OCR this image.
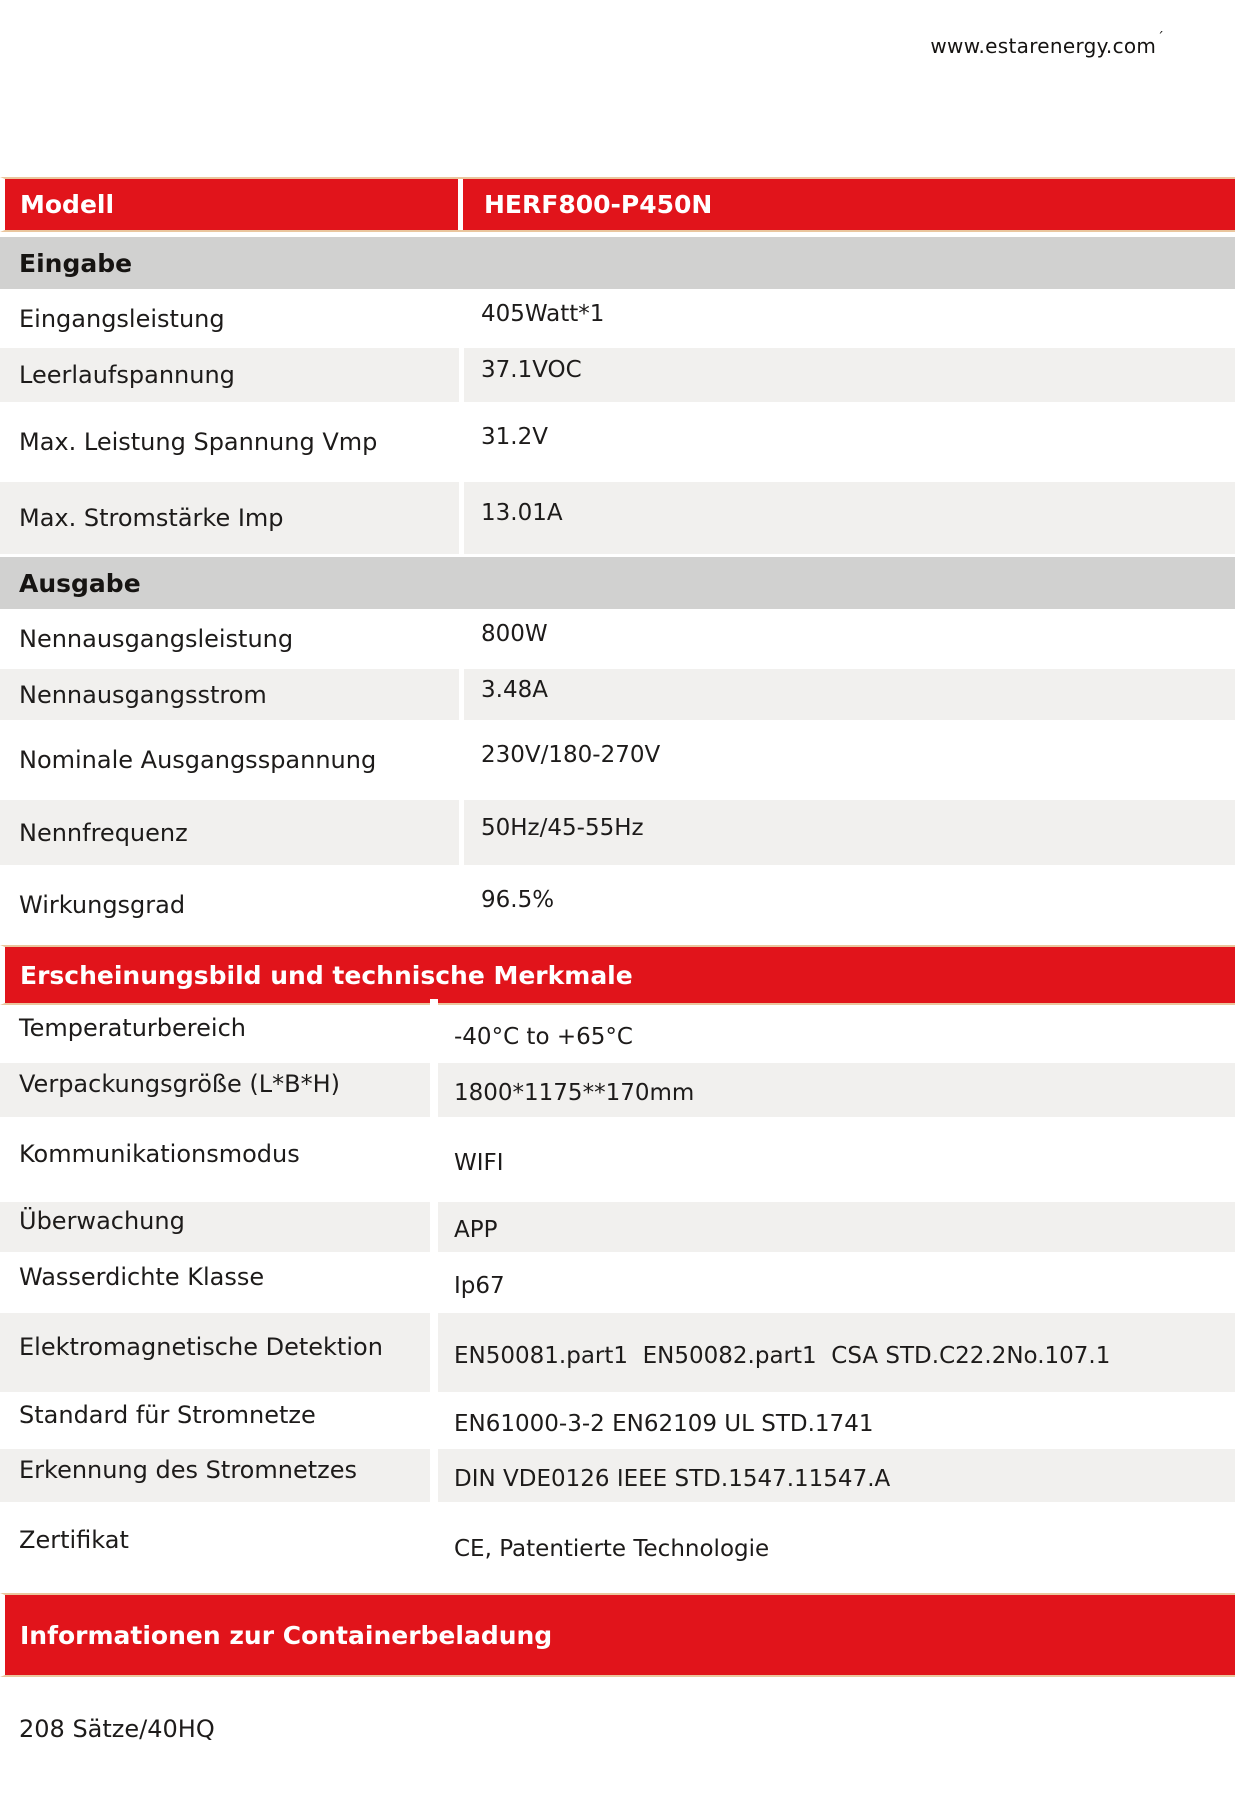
www.estarenergy.com$^ˊ$
Modell	HERF800-P450N
Eingabe
Eingangsleistung	405Watt*1
Leerlaufspannung	37.1VOC
Max. Leistung Spannung Vmp	31.2V
Max. Stromstärke Imp	13.01A
Ausgabe
Nennausgangsleistung	800W
Nennausgangsstrom	3.48A
Nominale Ausgangsspannung	230V/180-270V
Nennfrequenz	50Hz/45-55Hz
Wirkungsgrad	96.5%
Erscheinungsbild und technische Merkmale
Temperaturbereich	-40°C to +65°C
Verpackungsgröße (L*B*H)	1800*1175**170mm
Kommunikationsmodus	WIFI
Überwachung	APP
Wasserdichte Klasse	Ip67
Elektromagnetische Detektion	EN50081.part1  EN50082.part1  CSA STD.C22.2No.107.1
Standard für Stromnetze	EN61000-3-2 EN62109 UL STD.1741
Erkennung des Stromnetzes	DIN VDE0126 IEEE STD.1547.11547.A
Zertifikat	CE, Patentierte Technologie
Informationen zur Containerbeladung
208 Sätze/40HQ
